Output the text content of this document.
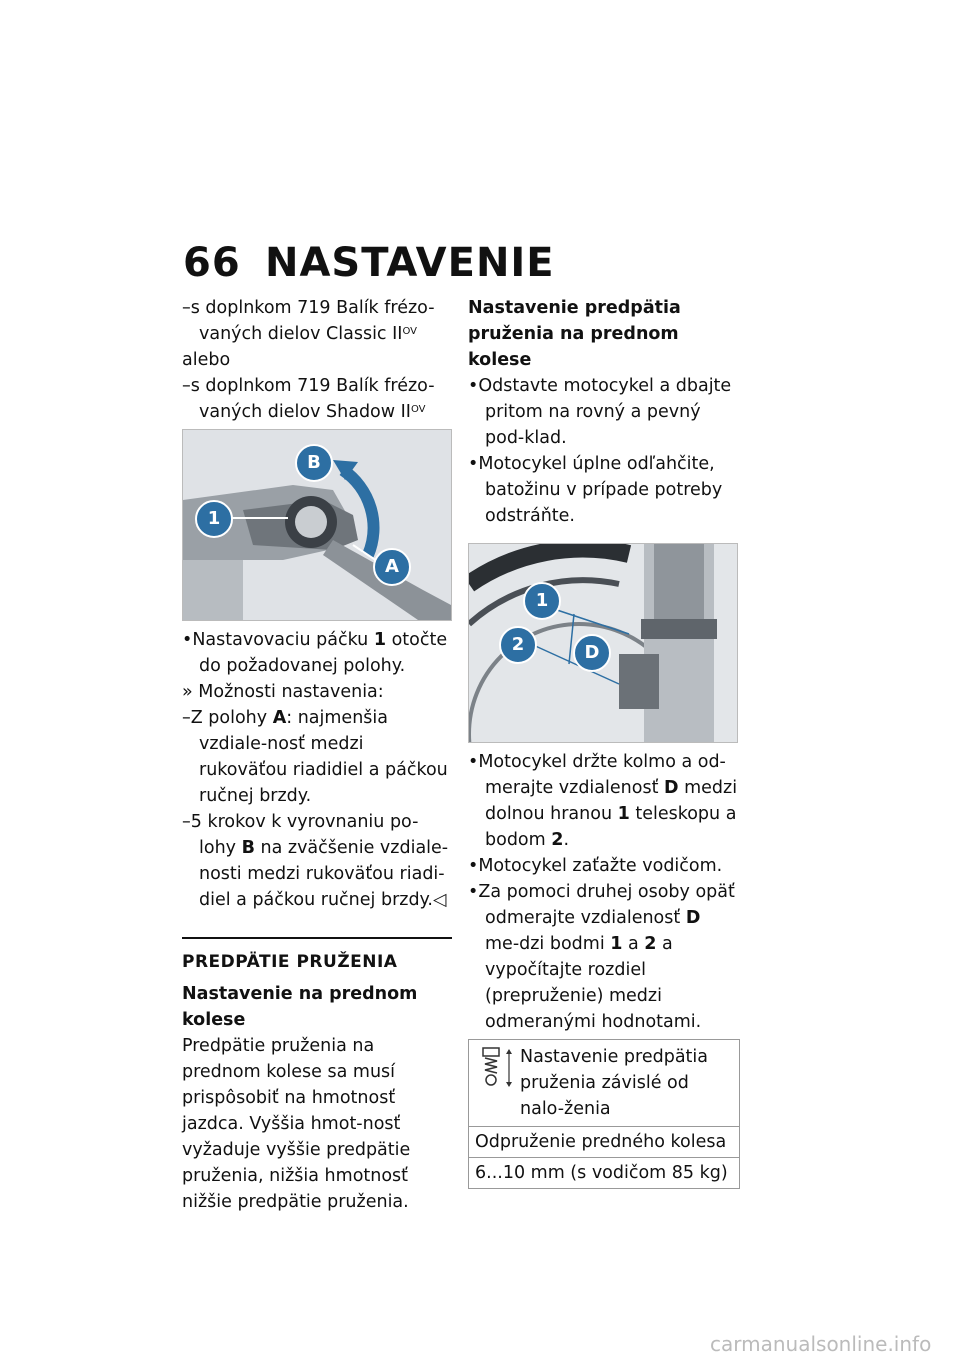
66 NASTAVENIE
–s doplnkom 719 Balík frézo-
vaných dielov Classic $II^{OV}$
alebo
–s doplnkom 719 Balík frézo-
vaných dielov Shadow $II^{OV}$
B
1
A
•Nastavovaciu páčku 1 otočte do požadovanej polohy.
» Možnosti nastavenia:
–Z polohy A: najmenšia vzdiale-nosť medzi rukoväťou riadidiel a páčkou ručnej brzdy.
–5 krokov k vyrovnaniu po-lohy B na zväčšenie vzdiale-nosti medzi rukoväťou riadi-diel a páčkou ručnej brzdy.◁
PREDPÄTIE PRUŽENIA
Nastavenie na prednom kolese
Predpätie pruženia na prednom kolese sa musí prispôsobiť na hmotnosť jazdca. Vyššia hmot-nosť vyžaduje vyššie predpätie pruženia, nižšia hmotnosť nižšie predpätie pruženia.
Nastavenie predpätia pruženia na prednom kolese
•Odstavte motocykel a dbajte pritom na rovný a pevný pod-klad.
•Motocykel úplne odľahčite, batožinu v prípade potreby odstráňte.
1
2	D
•Motocykel držte kolmo a od-merajte vzdialenosť D medzi dolnou hranou 1 teleskopu a bodom 2.
•Motocykel zaťažte vodičom.
•Za pomoci druhej osoby opäť odmerajte vzdialenosť D me-dzi bodmi 1 a 2 a vypočítajte rozdiel (prepruženie) medzi odmeranými hodnotami.
Nastavenie predpätia pruženia závislé od nalo-ženia
Odpruženie predného kolesa
6...10 mm (s vodičom 85 kg)
carmanualsonline.info
